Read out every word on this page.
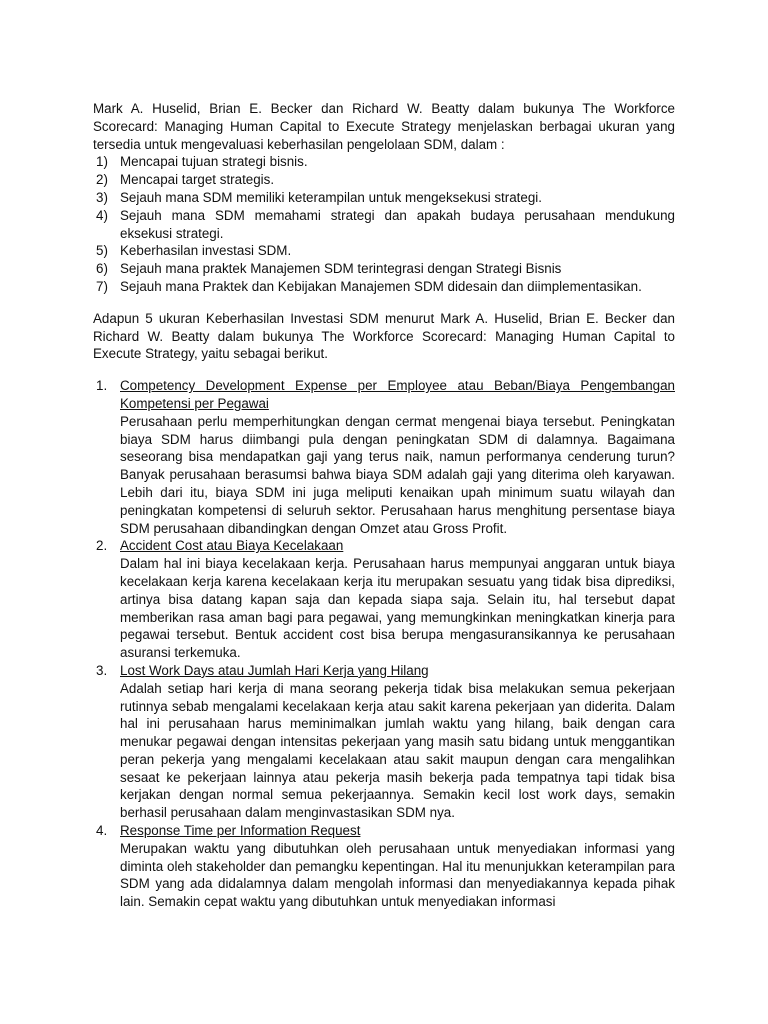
Mark A. Huselid, Brian E. Becker dan Richard W. Beatty dalam bukunya The Workforce Scorecard: Managing Human Capital to Execute Strategy menjelaskan berbagai ukuran yang tersedia untuk mengevaluasi keberhasilan pengelolaan SDM, dalam :

1) Mencapai tujuan strategi bisnis.
2) Mencapai target strategis.
3) Sejauh mana SDM memiliki keterampilan untuk mengeksekusi strategi.
4) Sejauh mana SDM memahami strategi dan apakah budaya perusahaan mendukung eksekusi strategi.
5) Keberhasilan investasi SDM.
6) Sejauh mana praktek Manajemen SDM terintegrasi dengan Strategi Bisnis
7) Sejauh mana Praktek dan Kebijakan Manajemen SDM didesain dan diimplementasikan.

Adapun 5 ukuran Keberhasilan Investasi SDM menurut Mark A. Huselid, Brian E. Becker dan Richard W. Beatty dalam bukunya The Workforce Scorecard: Managing Human Capital to Execute Strategy, yaitu sebagai berikut.

1. Competency Development Expense per Employee atau Beban/Biaya Pengembangan Kompetensi per Pegawai

Perusahaan perlu memperhitungkan dengan cermat mengenai biaya tersebut. Peningkatan biaya SDM harus diimbangi pula dengan peningkatan SDM di dalamnya. Bagaimana seseorang bisa mendapatkan gaji yang terus naik, namun performanya cenderung turun? Banyak perusahaan berasumsi bahwa biaya SDM adalah gaji yang diterima oleh karyawan. Lebih dari itu, biaya SDM ini juga meliputi kenaikan upah minimum suatu wilayah dan peningkatan kompetensi di seluruh sektor. Perusahaan harus menghitung persentase biaya SDM perusahaan dibandingkan dengan Omzet atau Gross Profit.

2. Accident Cost atau Biaya Kecelakaan

Dalam hal ini biaya kecelakaan kerja. Perusahaan harus mempunyai anggaran untuk biaya kecelakaan kerja karena kecelakaan kerja itu merupakan sesuatu yang tidak bisa diprediksi, artinya bisa datang kapan saja dan kepada siapa saja. Selain itu, hal tersebut dapat memberikan rasa aman bagi para pegawai, yang memungkinkan meningkatkan kinerja para pegawai tersebut. Bentuk accident cost bisa berupa mengasuransikannya ke perusahaan asuransi terkemuka.

3. Lost Work Days atau Jumlah Hari Kerja yang Hilang

Adalah setiap hari kerja di mana seorang pekerja tidak bisa melakukan semua pekerjaan rutinnya sebab mengalami kecelakaan kerja atau sakit karena pekerjaan yan diderita. Dalam hal ini perusahaan harus meminimalkan jumlah waktu yang hilang, baik dengan cara menukar pegawai dengan intensitas pekerjaan yang masih satu bidang untuk menggantikan peran pekerja yang mengalami kecelakaan atau sakit maupun dengan cara mengalihkan sesaat ke pekerjaan lainnya atau pekerja masih bekerja pada tempatnya tapi tidak bisa kerjakan dengan normal semua pekerjaannya. Semakin kecil lost work days, semakin berhasil perusahaan dalam menginvastasikan SDM nya.

4. Response Time per Information Request

Merupakan waktu yang dibutuhkan oleh perusahaan untuk menyediakan informasi yang diminta oleh stakeholder dan pemangku kepentingan. Hal itu menunjukkan keterampilan para SDM yang ada didalamnya dalam mengolah informasi dan menyediakannya kepada pihak lain. Semakin cepat waktu yang dibutuhkan untuk menyediakan informasi
